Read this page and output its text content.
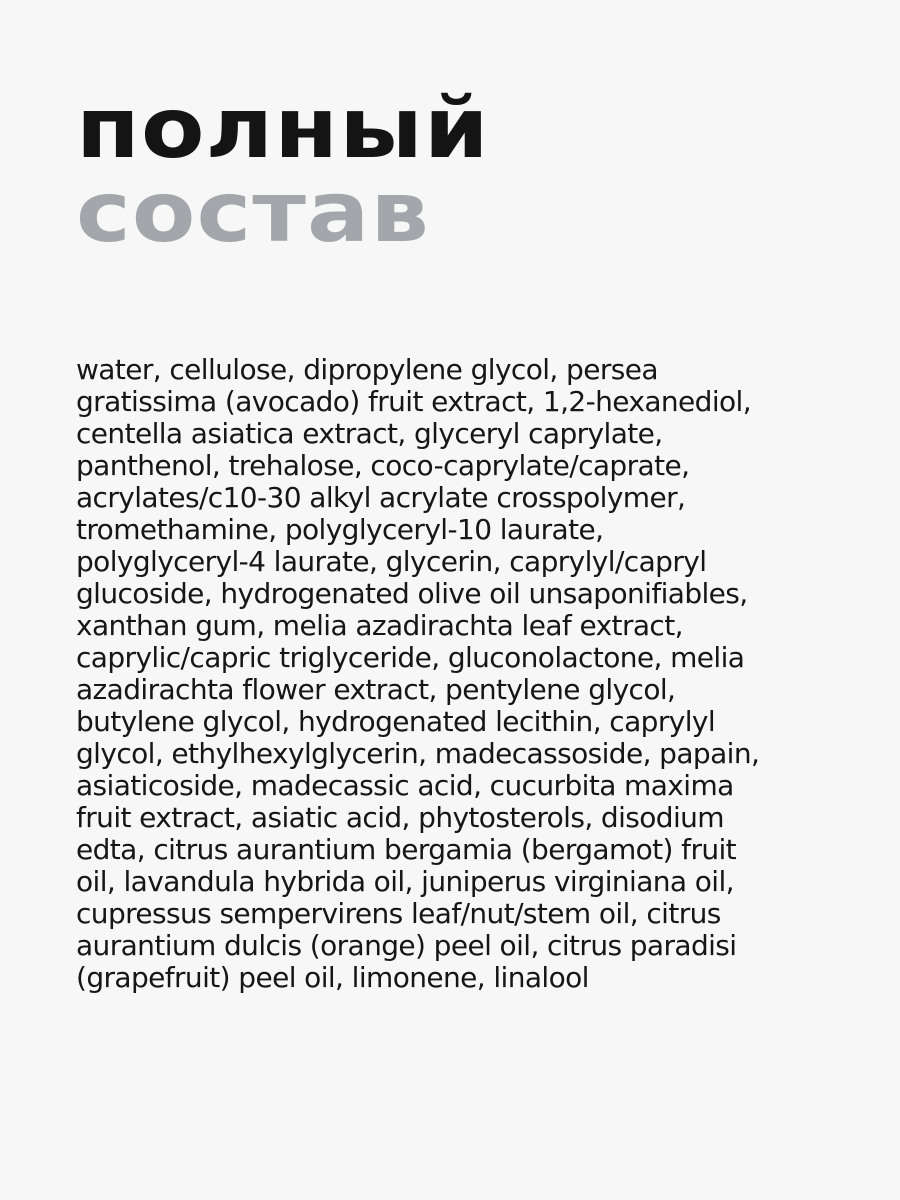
полный
состав

water, cellulose, dipropylene glycol, persea
gratissima (avocado) fruit extract, 1,2-hexanediol,
centella asiatica extract, glyceryl caprylate,
panthenol, trehalose, coco-caprylate/caprate,
acrylates/c10-30 alkyl acrylate crosspolymer,
tromethamine, polyglyceryl-10 laurate,
polyglyceryl-4 laurate, glycerin, caprylyl/capryl
glucoside, hydrogenated olive oil unsaponifiables,
xanthan gum, melia azadirachta leaf extract,
caprylic/capric triglyceride, gluconolactone, melia
azadirachta flower extract, pentylene glycol,
butylene glycol, hydrogenated lecithin, caprylyl
glycol, ethylhexylglycerin, madecassoside, papain,
asiaticoside, madecassic acid, cucurbita maxima
fruit extract, asiatic acid, phytosterols, disodium
edta, citrus aurantium bergamia (bergamot) fruit
oil, lavandula hybrida oil, juniperus virginiana oil,
cupressus sempervirens leaf/nut/stem oil, citrus
aurantium dulcis (orange) peel oil, citrus paradisi
(grapefruit) peel oil, limonene, linalool
